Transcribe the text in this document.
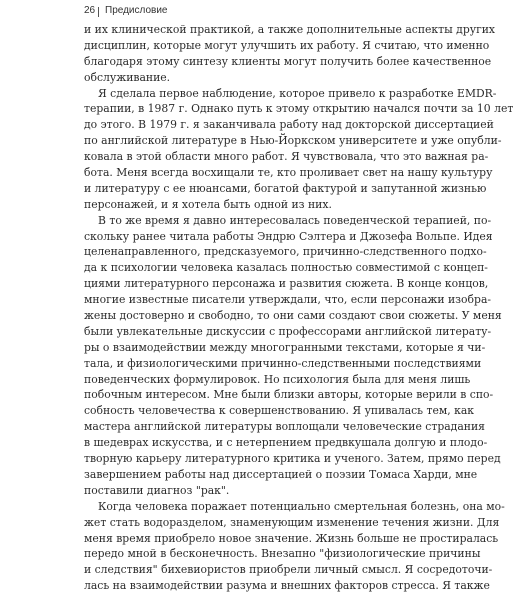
26 Предисловие
и их клинической практикой, а также дополнительные аспекты других
дисциплин, которые могут улучшить их работу. Я считаю, что именно
благодаря этому синтезу клиенты могут получить более качественное
обслуживание.
Я сделала первое наблюдение, которое привело к разработке EMDR-
терапии, в 1987 г. Однако путь к этому открытию начался почти за 10 лет
до этого. В 1979 г. я заканчивала работу над докторской диссертацией
по английской литературе в Нью-Йоркском университете и уже опубли-
ковала в этой области много работ. Я чувствовала, что это важная ра-
бота. Меня всегда восхищали те, кто проливает свет на нашу культуру
и литературу с ее нюансами, богатой фактурой и запутанной жизнью
персонажей, и я хотела быть одной из них.
В то же время я давно интересовалась поведенческой терапией, по-
скольку ранее читала работы Эндрю Сэлтера и Джозефа Вольпе. Идея
целенаправленного, предсказуемого, причинно-следственного подхо-
да к психологии человека казалась полностью совместимой с концеп-
циями литературного персонажа и развития сюжета. В конце концов,
многие известные писатели утверждали, что, если персонажи изобра-
жены достоверно и свободно, то они сами создают свои сюжеты. У меня
были увлекательные дискуссии с профессорами английской литерату-
ры о взаимодействии между многогранными текстами, которые я чи-
тала, и физиологическими причинно-следственными последствиями
поведенческих формулировок. Но психология была для меня лишь
побочным интересом. Мне были близки авторы, которые верили в спо-
собность человечества к совершенствованию. Я упивалась тем, как
мастера английской литературы воплощали человеческие страдания
в шедеврах искусства, и с нетерпением предвкушала долгую и плодо-
творную карьеру литературного критика и ученого. Затем, прямо перед
завершением работы над диссертацией о поэзии Томаса Харди, мне
поставили диагноз "рак".
Когда человека поражает потенциально смертельная болезнь, она мо-
жет стать водоразделом, знаменующим изменение течения жизни. Для
меня время приобрело новое значение. Жизнь больше не простиралась
передо мной в бесконечность. Внезапно "физиологические причины
и следствия" бихевиористов приобрели личный смысл. Я сосредоточи-
лась на взаимодействии разума и внешних факторов стресса. Я также
